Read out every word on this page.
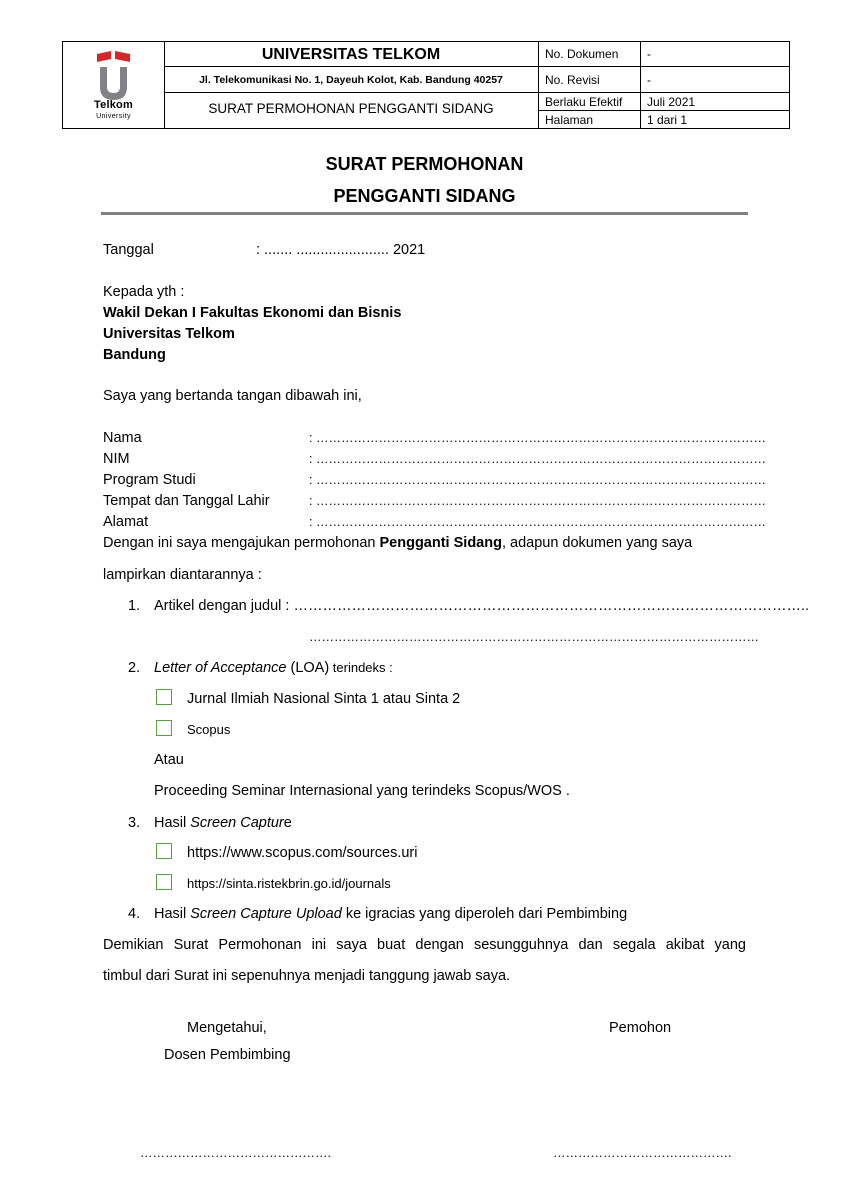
Telkom
University
UNIVERSITAS TELKOM
Jl. Telekomunikasi No. 1, Dayeuh Kolot, Kab. Bandung 40257
SURAT PERMOHONAN PENGGANTI SIDANG
No. Dokumen -
No. Revisi	-
Berlaku Efektif Juli 2021
Halaman	1 dari 1
SURAT PERMOHONAN
PENGGANTI SIDANG
Tanggal	: ....... ....................... 2021
Kepada yth :
Wakil Dekan I Fakultas Ekonomi dan Bisnis
Universitas Telkom
Bandung
Saya yang bertanda tangan dibawah ini,
Nama	: ………………………………………………………………………………………………
NIM	: ………………………………………………………………………………………………
Program Studi	: ………………………………………………………………………………………………
Tempat dan Tanggal Lahir	: ………………………………………………………………………………………………
Alamat	: ………………………………………………………………………………………………
Dengan ini saya mengajukan permohonan Pengganti Sidang, adapun dokumen yang saya
lampirkan diantarannya :
1. Artikel dengan judul : ……………………………………………………………………………………………..
………………………………………………………………………………………………
2. Letter of Acceptance (LOA) terindeks :
Jurnal Ilmiah Nasional Sinta 1 atau Sinta 2
Scopus
Atau
Proceeding Seminar Internasional yang terindeks Scopus/WOS .
3. Hasil Screen Capture
https://www.scopus.com/sources.uri
https://sinta.ristekbrin.go.id/journals
4. Hasil Screen Capture Upload ke igracias yang diperoleh dari Pembimbing
Demikian Surat Permohonan ini saya buat dengan sesungguhnya dan segala akibat yang
timbul dari Surat ini sepenuhnya menjadi tanggung jawab saya.
Mengetahui,
Dosen Pembimbing
Pemohon
……………………………………….	…………………………………….
